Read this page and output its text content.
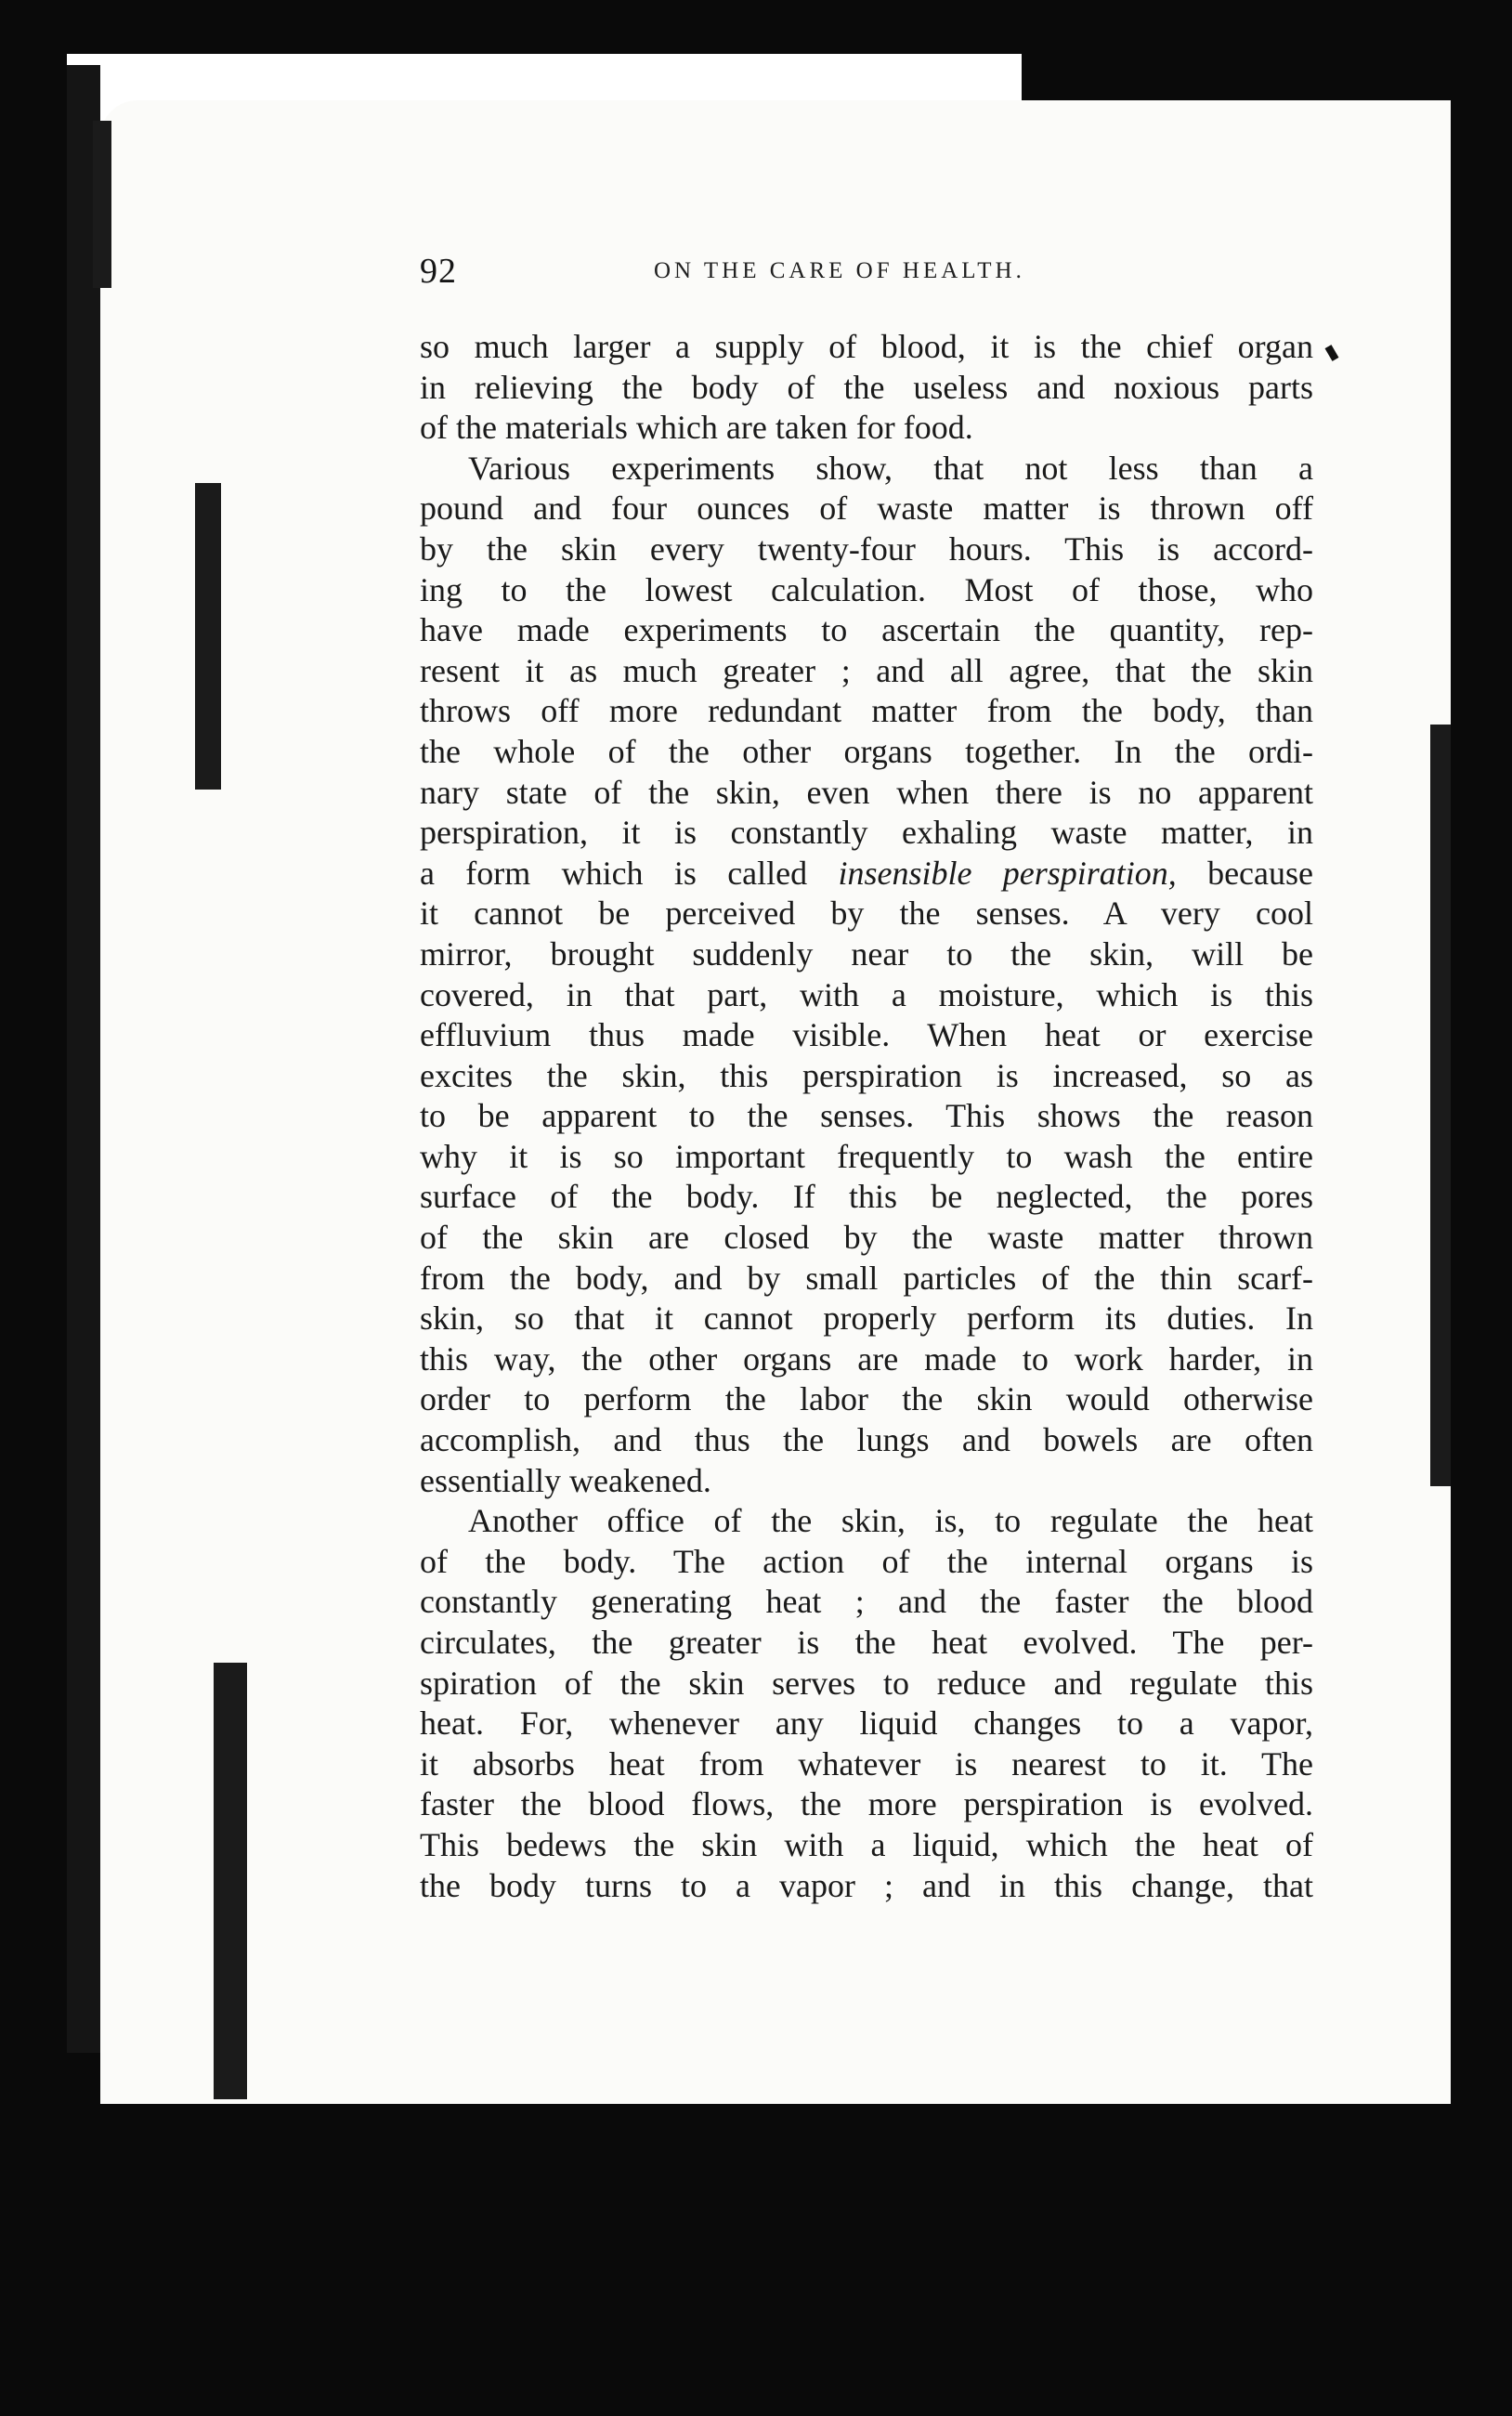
92	ON THE CARE OF HEALTH.
so much larger a supply of blood, it is the chief organ
in relieving the body of the useless and noxious parts
of the materials which are taken for food.
Various experiments show, that not less than a
pound and four ounces of waste matter is thrown off
by the skin every twenty-four hours. This is accord-
ing to the lowest calculation. Most of those, who
have made experiments to ascertain the quantity, rep-
resent it as much greater ; and all agree, that the skin
throws off more redundant matter from the body, than
the whole of the other organs together. In the ordi-
nary state of the skin, even when there is no apparent
perspiration, it is constantly exhaling waste matter, in
a form which is called insensible perspiration, because
it cannot be perceived by the senses. A very cool
mirror, brought suddenly near to the skin, will be
covered, in that part, with a moisture, which is this
effluvium thus made visible. When heat or exercise
excites the skin, this perspiration is increased, so as
to be apparent to the senses. This shows the reason
why it is so important frequently to wash the entire
surface of the body. If this be neglected, the pores
of the skin are closed by the waste matter thrown
from the body, and by small particles of the thin scarf-
skin, so that it cannot properly perform its duties. In
this way, the other organs are made to work harder, in
order to perform the labor the skin would otherwise
accomplish, and thus the lungs and bowels are often
essentially weakened.
Another office of the skin, is, to regulate the heat
of the body. The action of the internal organs is
constantly generating heat ; and the faster the blood
circulates, the greater is the heat evolved. The per-
spiration of the skin serves to reduce and regulate this
heat. For, whenever any liquid changes to a vapor,
it absorbs heat from whatever is nearest to it. The
faster the blood flows, the more perspiration is evolved.
This bedews the skin with a liquid, which the heat of
the body turns to a vapor ; and in this change, that
